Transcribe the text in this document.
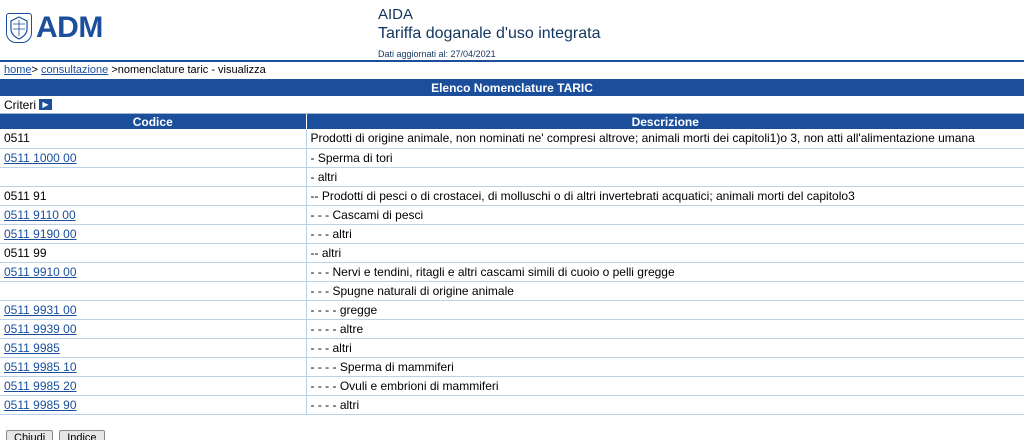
ADM	AIDA
Tariffa doganale d'uso integrata
Dati aggiornati al: 27/04/2021
home> consultazione >nomenclature taric - visualizza
Elenco Nomenclature TARIC
Criteri ▶
Codice	Descrizione
0511	Prodotti di origine animale, non nominati ne' compresi altrove; animali morti dei capitoli1)o 3, non atti all'alimentazione umana
0511 1000 00	- Sperma di tori
	- altri
0511 91	-- Prodotti di pesci o di crostacei, di molluschi o di altri invertebrati acquatici; animali morti del capitolo3
0511 9110 00	- - - Cascami di pesci
0511 9190 00	- - - altri
0511 99	-- altri
0511 9910 00	- - - Nervi e tendini, ritagli e altri cascami simili di cuoio o pelli gregge
	- - - Spugne naturali di origine animale
0511 9931 00	- - - - gregge
0511 9939 00	- - - - altre
0511 9985	- - - altri
0511 9985 10	- - - - Sperma di mammiferi
0511 9985 20	- - - - Ovuli e embrioni di mammiferi
0511 9985 90	- - - - altri
Chiudi	Indice
